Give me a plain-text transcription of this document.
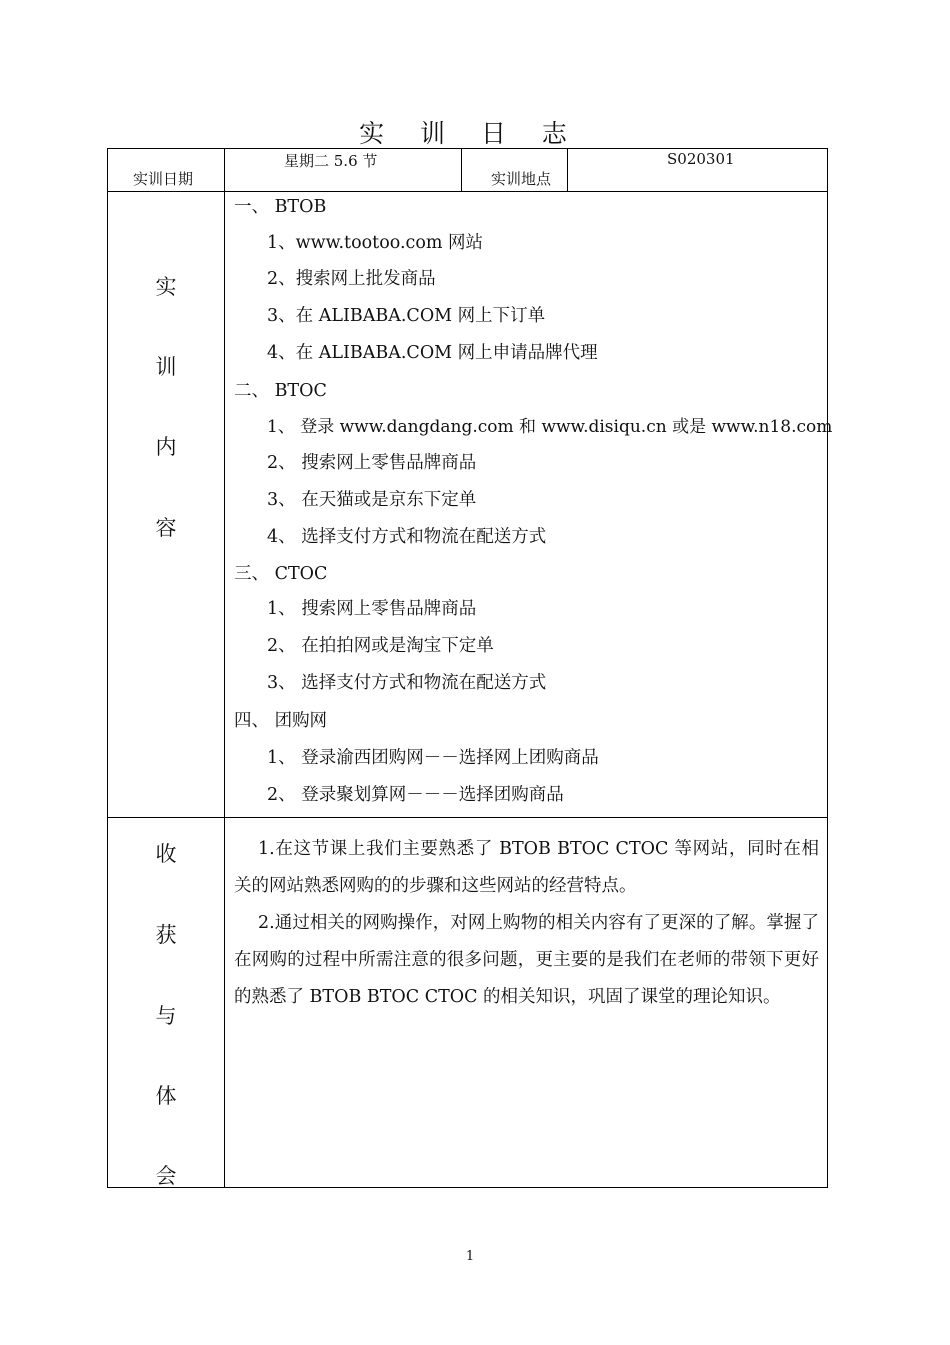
实 训 日 志
实训日期
星期二 5.6 节
实训地点
S020301
实
训
内
容
一、 BTOB
1、www.tootoo.com 网站
2、搜索网上批发商品
3、在 ALIBABA.COM 网上下订单
4、在 ALIBABA.COM 网上申请品牌代理
二、 BTOC
1、 登录 www.dangdang.com 和 www.disiqu.cn 或是 www.n18.com
2、 搜索网上零售品牌商品
3、 在天猫或是京东下定单
4、 选择支付方式和物流在配送方式
三、 CTOC
1、 搜索网上零售品牌商品
2、 在拍拍网或是淘宝下定单
3、 选择支付方式和物流在配送方式
四、 团购网
1、 登录渝西团购网－－选择网上团购商品
2、 登录聚划算网－－－选择团购商品
收
获
与
体
会
1.在这节课上我们主要熟悉了 BTOB BTOC CTOC 等网站，同时在相关的网站熟悉网购的的步骤和这些网站的经营特点。
2.通过相关的网购操作，对网上购物的相关内容有了更深的了解。掌握了在网购的过程中所需注意的很多问题，更主要的是我们在老师的带领下更好的熟悉了 BTOB BTOC CTOC 的相关知识，巩固了课堂的理论知识。
1
